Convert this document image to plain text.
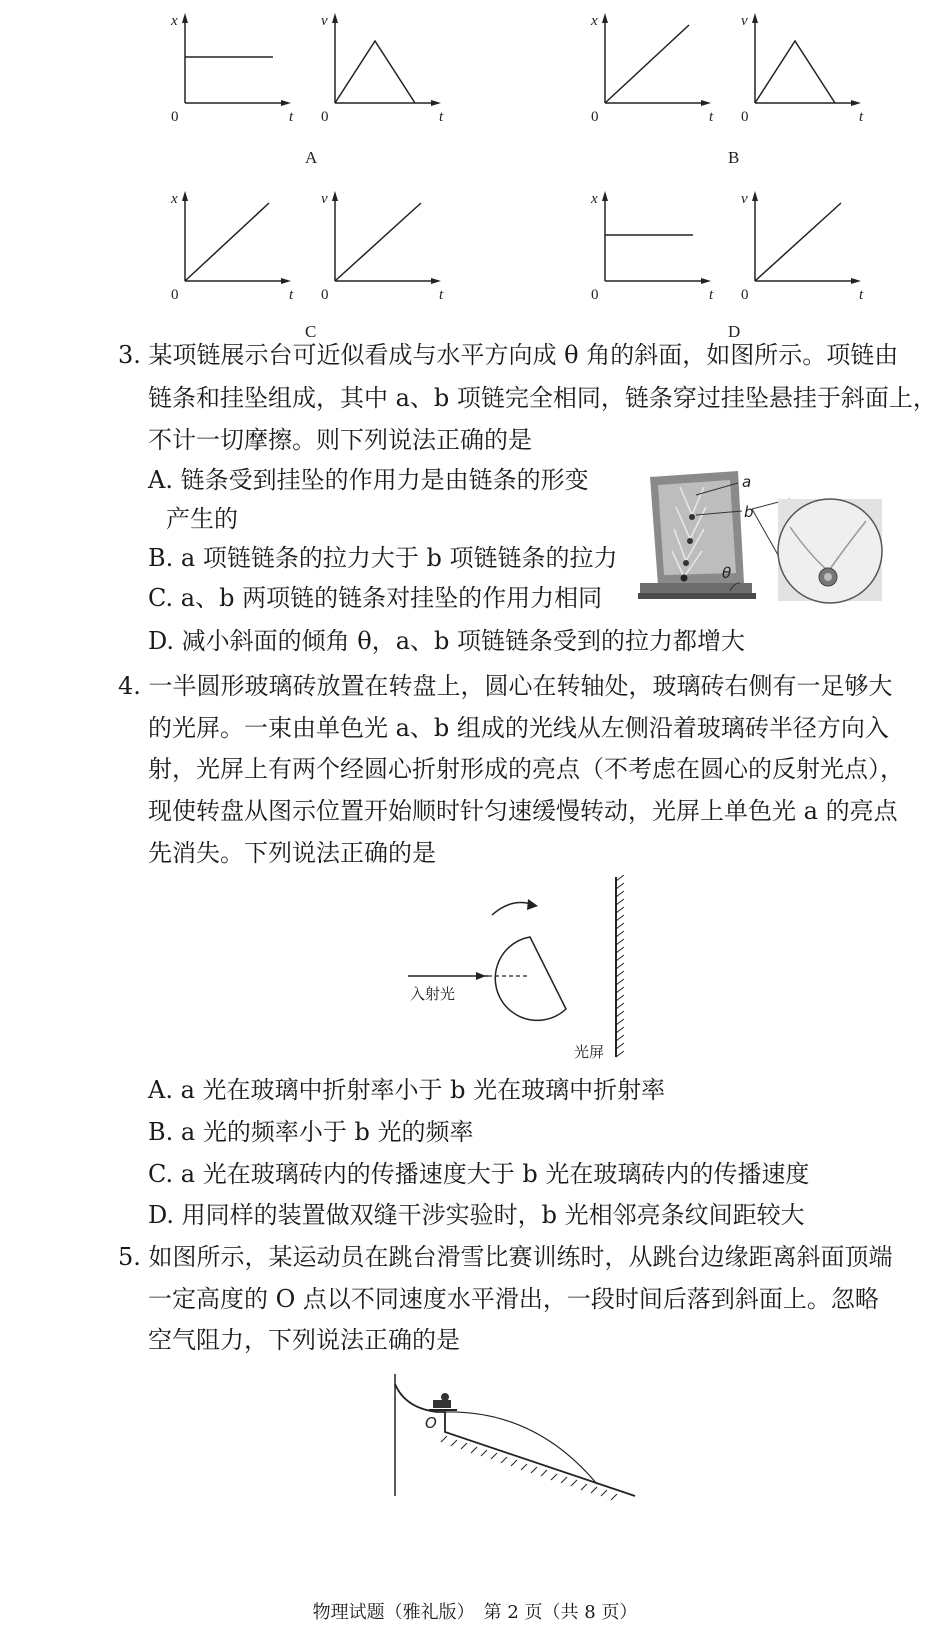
x
t
0
v
t
0
A
x
t
0
v
t
0
B
x
t
0
v
t
0
C
x
t
0
v
t
0
D
3. 某项链展示台可近似看成与水平方向成 θ 角的斜面，如图所示。项链由
链条和挂坠组成，其中 a、b 项链完全相同，链条穿过挂坠悬挂于斜面上，
不计一切摩擦。则下列说法正确的是
A. 链条受到挂坠的作用力是由链条的形变
产生的
B. a 项链链条的拉力大于 b 项链链条的拉力
C. a、b 两项链的链条对挂坠的作用力相同
D. 减小斜面的倾角 θ，a、b 项链链条受到的拉力都增大
a
b
θ
4. 一半圆形玻璃砖放置在转盘上，圆心在转轴处，玻璃砖右侧有一足够大
的光屏。一束由单色光 a、b 组成的光线从左侧沿着玻璃砖半径方向入
射，光屏上有两个经圆心折射形成的亮点（不考虑在圆心的反射光点），
现使转盘从图示位置开始顺时针匀速缓慢转动，光屏上单色光 a 的亮点
先消失。下列说法正确的是
入射光
光屏
A. a 光在玻璃中折射率小于 b 光在玻璃中折射率
B. a 光的频率小于 b 光的频率
C. a 光在玻璃砖内的传播速度大于 b 光在玻璃砖内的传播速度
D. 用同样的装置做双缝干涉实验时，b 光相邻亮条纹间距较大
5. 如图所示，某运动员在跳台滑雪比赛训练时，从跳台边缘距离斜面顶端
一定高度的 O 点以不同速度水平滑出，一段时间后落到斜面上。忽略
空气阻力，下列说法正确的是
O
物理试题（雅礼版）　第 2 页（共 8 页）
